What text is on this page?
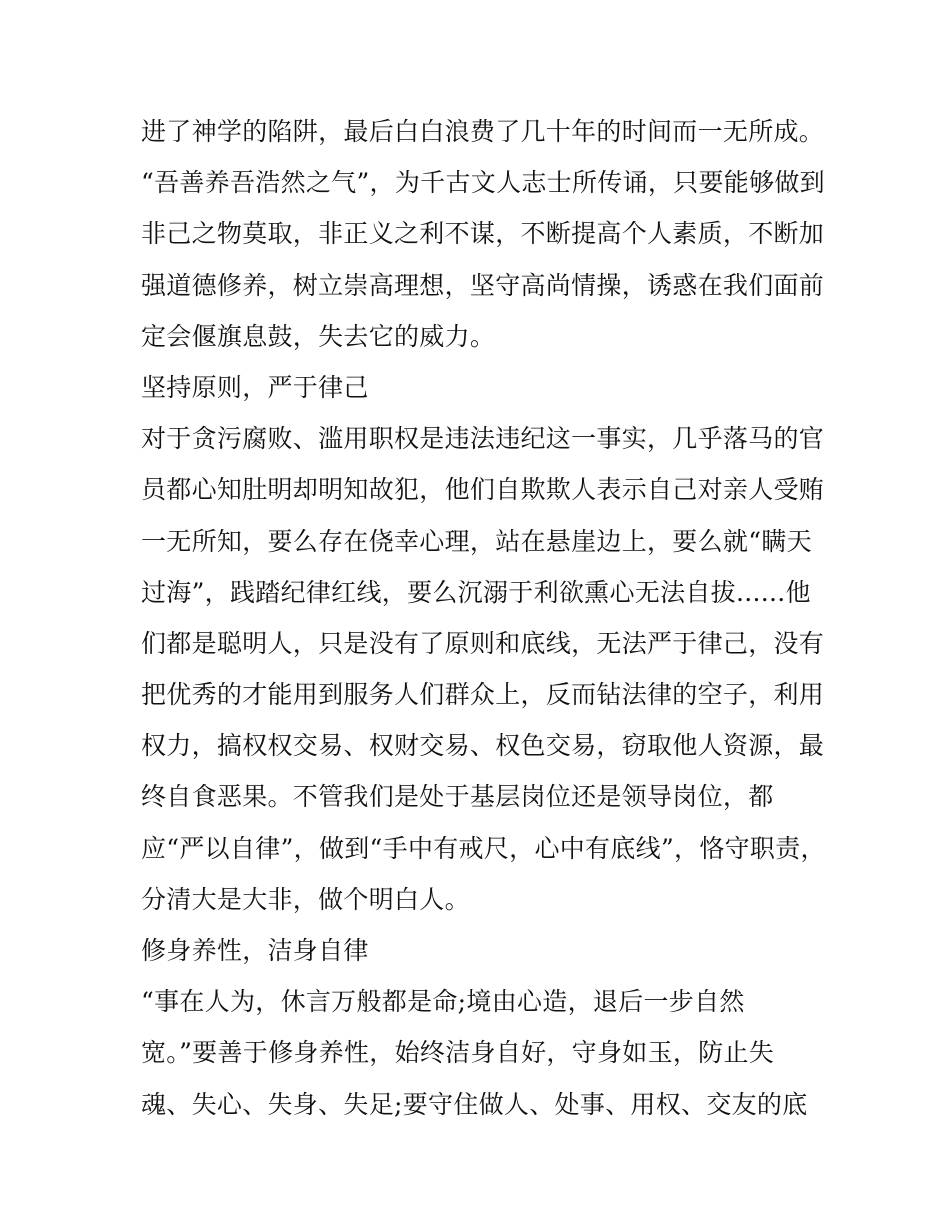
进了神学的陷阱，最后白白浪费了几十年的时间而一无所成。
“吾善养吾浩然之气”，为千古文人志士所传诵，只要能够做到
非己之物莫取，非正义之利不谋，不断提高个人素质，不断加
强道德修养，树立崇高理想，坚守高尚情操，诱惑在我们面前
定会偃旗息鼓，失去它的威力。
坚持原则，严于律己
对于贪污腐败、滥用职权是违法违纪这一事实，几乎落马的官
员都心知肚明却明知故犯，他们自欺欺人表示自己对亲人受贿
一无所知，要么存在侥幸心理，站在悬崖边上，要么就“瞒天
过海”，践踏纪律红线，要么沉溺于利欲熏心无法自拔......他
们都是聪明人，只是没有了原则和底线，无法严于律己，没有
把优秀的才能用到服务人们群众上，反而钻法律的空子，利用
权力，搞权权交易、权财交易、权色交易，窃取他人资源，最
终自食恶果。不管我们是处于基层岗位还是领导岗位，都
应“严以自律”，做到“手中有戒尺，心中有底线”，恪守职责，
分清大是大非，做个明白人。
修身养性，洁身自律
“事在人为，休言万般都是命;境由心造，退后一步自然
宽。”要善于修身养性，始终洁身自好，守身如玉，防止失
魂、失心、失身、失足;要守住做人、处事、用权、交友的底
